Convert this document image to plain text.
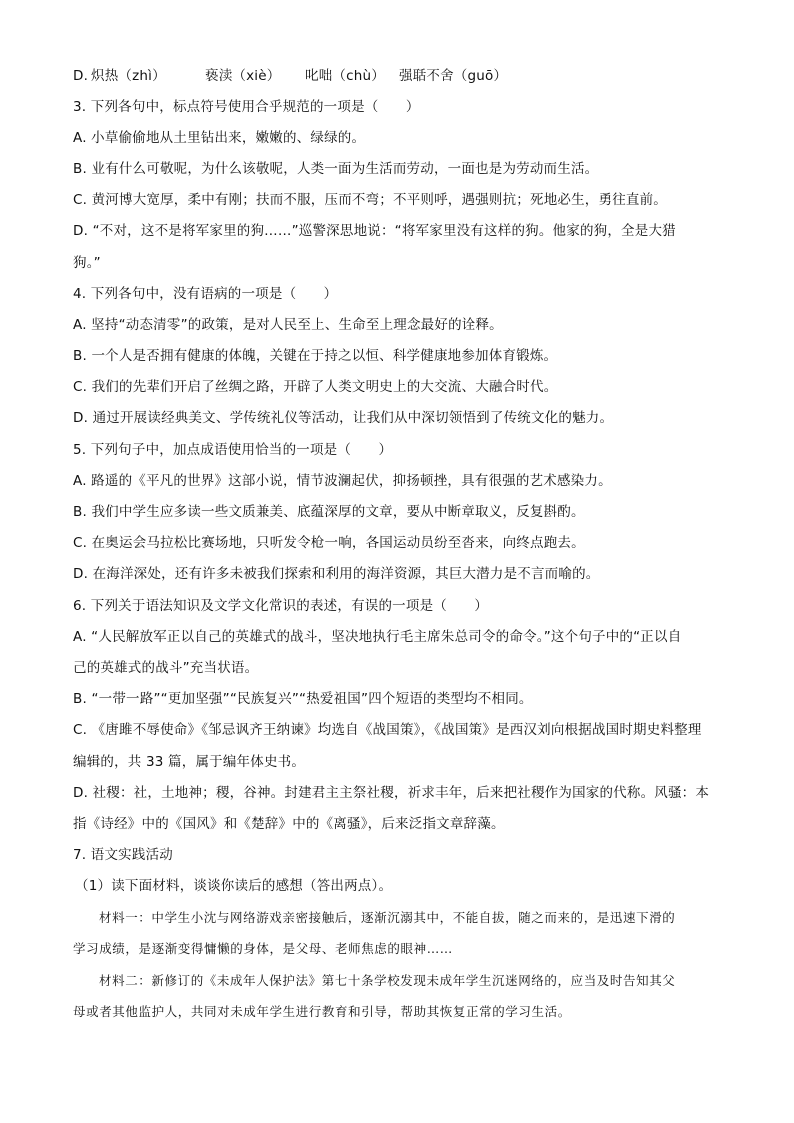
D. 炽热（zhì）	亵渎（xiè）	叱咄（chù）	强聒不舍（guō）
3. 下列各句中，标点符号使用合乎规范的一项是（　　）
A. 小草偷偷地从土里钻出来，嫩嫩的、绿绿的。
B. 业有什么可敬呢，为什么该敬呢，人类一面为生活而劳动，一面也是为劳动而生活。
C. 黄河博大宽厚，柔中有刚；扶而不服，压而不弯；不平则呼，遇强则抗；死地必生，勇往直前。
D. “不对，这不是将军家里的狗……”巡警深思地说：“将军家里没有这样的狗。他家的狗，全是大猎
狗。”
4. 下列各句中，没有语病的一项是（　　）
A. 坚持“动态清零”的政策，是对人民至上、生命至上理念最好的诠释。
B. 一个人是否拥有健康的体魄，关键在于持之以恒、科学健康地参加体育锻炼。
C. 我们的先辈们开启了丝绸之路，开辟了人类文明史上的大交流、大融合时代。
D. 通过开展读经典美文、学传统礼仪等活动，让我们从中深切领悟到了传统文化的魅力。
5. 下列句子中，加点成语使用恰当的一项是（　　）
A. 路遥的《平凡的世界》这部小说，情节波澜起伏，抑扬顿挫，具有很强的艺术感染力。
B. 我们中学生应多读一些文质兼美、底蕴深厚的文章，要从中断章取义，反复斟酌。
C. 在奥运会马拉松比赛场地，只听发令枪一响，各国运动员纷至沓来，向终点跑去。
D. 在海洋深处，还有许多未被我们探索和利用的海洋资源，其巨大潜力是不言而喻的。
6. 下列关于语法知识及文学文化常识的表述，有误的一项是（　　）
A. “人民解放军正以自己的英雄式的战斗，坚决地执行毛主席朱总司令的命令。”这个句子中的“正以自
己的英雄式的战斗”充当状语。
B. “一带一路”“更加坚强”“民族复兴”“热爱祖国”四个短语的类型均不相同。
C. 《唐雎不辱使命》《邹忌讽齐王纳谏》均选自《战国策》，《战国策》是西汉刘向根据战国时期史料整理
编辑的，共 33 篇，属于编年体史书。
D. 社稷：社，土地神；稷，谷神。封建君主主祭社稷，祈求丰年，后来把社稷作为国家的代称。风骚：本
指《诗经》中的《国风》和《楚辞》中的《离骚》，后来泛指文章辞藻。
7. 语文实践活动
（1）读下面材料，谈谈你读后的感想（答出两点）。
材料一：中学生小沈与网络游戏亲密接触后，逐渐沉溺其中，不能自拔，随之而来的，是迅速下滑的
学习成绩，是逐渐变得慵懒的身体，是父母、老师焦虑的眼神……
材料二：新修订的《未成年人保护法》第七十条学校发现未成年学生沉迷网络的，应当及时告知其父
母或者其他监护人，共同对未成年学生进行教育和引导，帮助其恢复正常的学习生活。
